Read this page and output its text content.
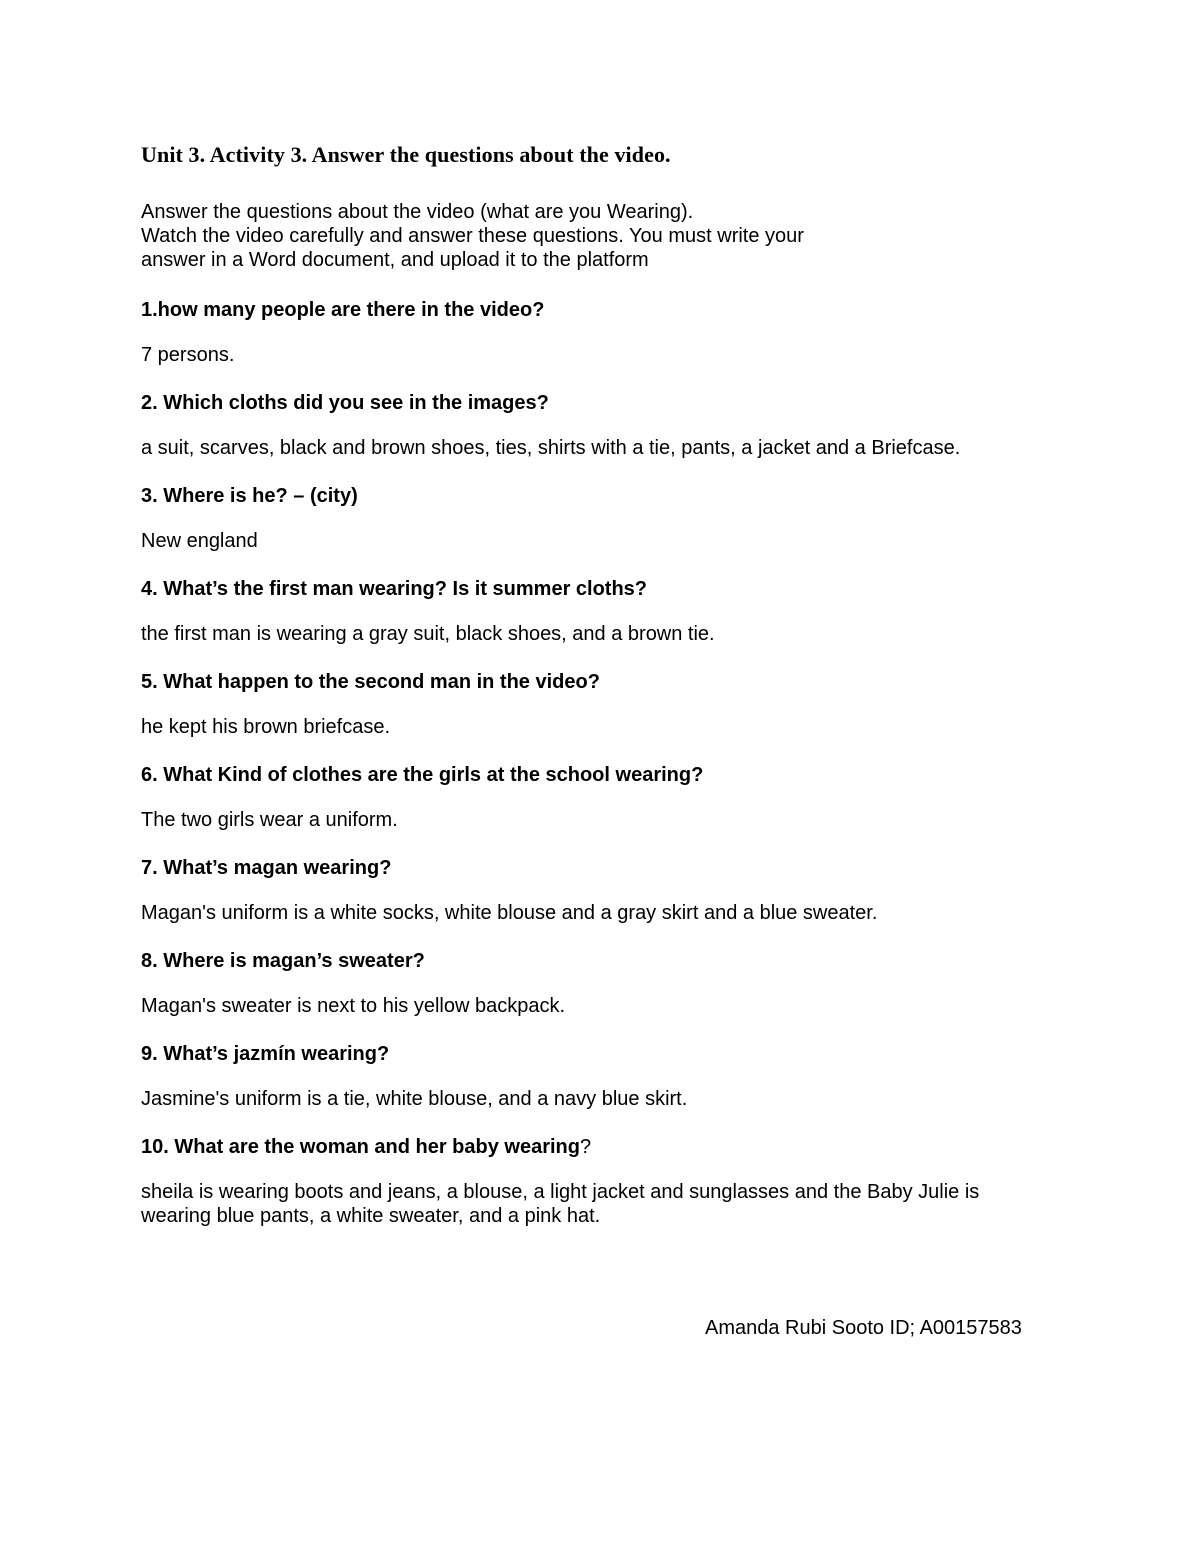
Unit 3. Activity 3. Answer the questions about the video.

Answer the questions about the video (what are you Wearing).
Watch the video carefully and answer these questions. You must write your
answer in a Word document, and upload it to the platform

1.how many people are there in the video?

7 persons.

2. Which cloths did you see in the images?

a suit, scarves, black and brown shoes, ties, shirts with a tie, pants, a jacket and a Briefcase.

3. Where is he? – (city)

New england

4. What’s the first man wearing? Is it summer cloths?

the first man is wearing a gray suit, black shoes, and a brown tie.

5. What happen to the second man in the video?

he kept his brown briefcase.

6. What Kind of clothes are the girls at the school wearing?

The two girls wear a uniform.

7. What’s magan wearing?

Magan's uniform is a white socks, white blouse and a gray skirt and a blue sweater.

8. Where is magan’s sweater?

Magan's sweater is next to his yellow backpack.

9. What’s jazmín wearing?

Jasmine's uniform is a tie, white blouse, and a navy blue skirt.

10. What are the woman and her baby wearing?

sheila is wearing boots and jeans, a blouse, a light jacket and sunglasses and the Baby Julie is wearing blue pants, a white sweater, and a pink hat.

Amanda Rubi Sooto ID; A00157583
